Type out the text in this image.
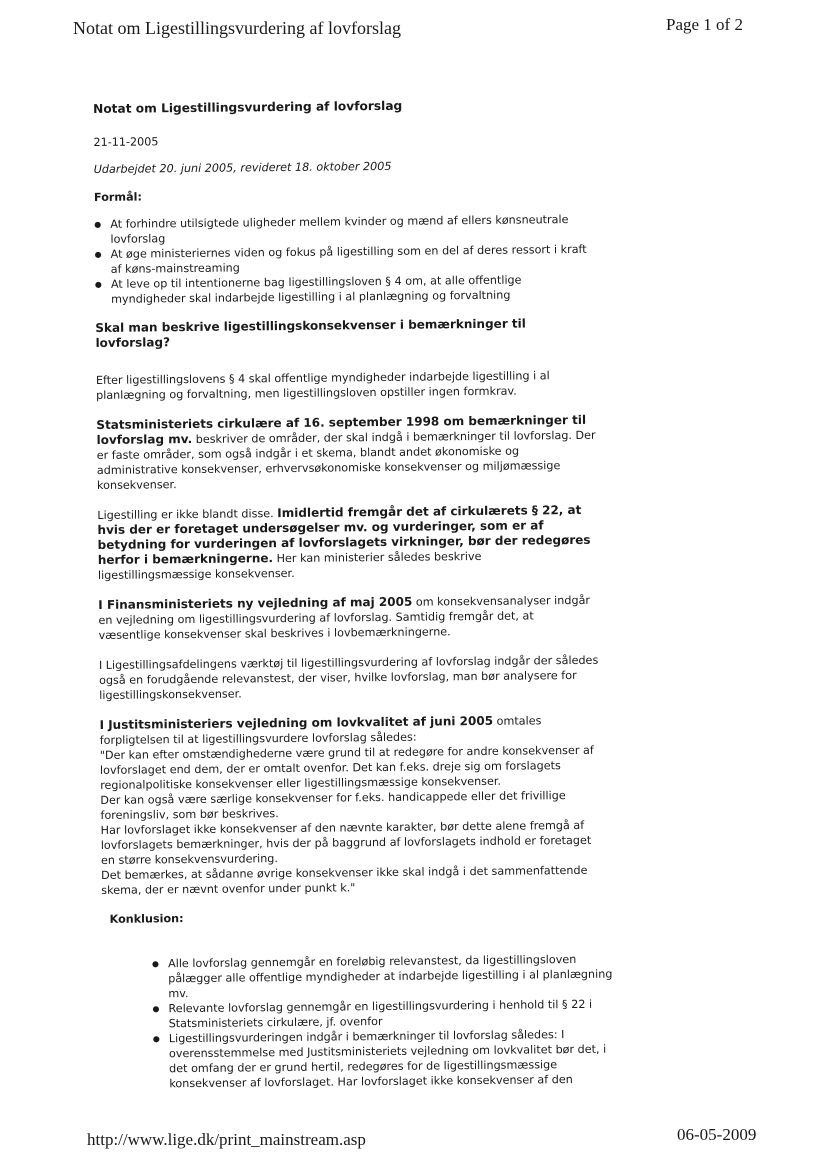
Notat om Ligestillingsvurdering af lovforslag	Page 1 of 2

Notat om Ligestillingsvurdering af lovforslag

21-11-2005

Udarbejdet 20. juni 2005, revideret 18. oktober 2005

Formål:

● At forhindre utilsigtede uligheder mellem kvinder og mænd af ellers kønsneutrale lovforslag
● At øge ministeriernes viden og fokus på ligestilling som en del af deres ressort i kraft af køns-mainstreaming
● At leve op til intentionerne bag ligestillingsloven § 4 om, at alle offentlige myndigheder skal indarbejde ligestilling i al planlægning og forvaltning

Skal man beskrive ligestillingskonsekvenser i bemærkninger til lovforslag?

Efter ligestillingslovens § 4 skal offentlige myndigheder indarbejde ligestilling i al planlægning og forvaltning, men ligestillingsloven opstiller ingen formkrav.

Statsministeriets cirkulære af 16. september 1998 om bemærkninger til lovforslag mv. beskriver de områder, der skal indgå i bemærkninger til lovforslag. Der er faste områder, som også indgår i et skema, blandt andet økonomiske og administrative konsekvenser, erhvervsøkonomiske konsekvenser og miljømæssige konsekvenser.

Ligestilling er ikke blandt disse. Imidlertid fremgår det af cirkulærets § 22, at hvis der er foretaget undersøgelser mv. og vurderinger, som er af betydning for vurderingen af lovforslagets virkninger, bør der redegøres herfor i bemærkningerne. Her kan ministerier således beskrive ligestillingsmæssige konsekvenser.

I Finansministeriets ny vejledning af maj 2005 om konsekvensanalyser indgår en vejledning om ligestillingsvurdering af lovforslag. Samtidig fremgår det, at væsentlige konsekvenser skal beskrives i lovbemærkningerne.

I Ligestillingsafdelingens værktøj til ligestillingsvurdering af lovforslag indgår der således også en forudgående relevanstest, der viser, hvilke lovforslag, man bør analysere for ligestillingskonsekvenser.

I Justitsministeriers vejledning om lovkvalitet af juni 2005 omtales forpligtelsen til at ligestillingsvurdere lovforslag således:

"Der kan efter omstændighederne være grund til at redegøre for andre konsekvenser af lovforslaget end dem, der er omtalt ovenfor. Det kan f.eks. dreje sig om forslagets regionalpolitiske konsekvenser eller ligestillingsmæssige konsekvenser.

Der kan også være særlige konsekvenser for f.eks. handicappede eller det frivillige foreningsliv, som bør beskrives.

Har lovforslaget ikke konsekvenser af den nævnte karakter, bør dette alene fremgå af lovforslagets bemærkninger, hvis der på baggrund af lovforslagets indhold er foretaget en større konsekvensvurdering.

Det bemærkes, at sådanne øvrige konsekvenser ikke skal indgå i det sammenfattende skema, der er nævnt ovenfor under punkt k."

Konklusion:

● Alle lovforslag gennemgår en foreløbig relevanstest, da ligestillingsloven pålægger alle offentlige myndigheder at indarbejde ligestilling i al planlægning mv.
● Relevante lovforslag gennemgår en ligestillingsvurdering i henhold til § 22 i Statsministeriets cirkulære, jf. ovenfor
● Ligestillingsvurderingen indgår i bemærkninger til lovforslag således: I overensstemmelse med Justitsministeriets vejledning om lovkvalitet bør det, i det omfang der er grund hertil, redegøres for de ligestillingsmæssige konsekvenser af lovforslaget. Har lovforslaget ikke konsekvenser af den
http://www.lige.dk/print_mainstream.asp	06-05-2009
